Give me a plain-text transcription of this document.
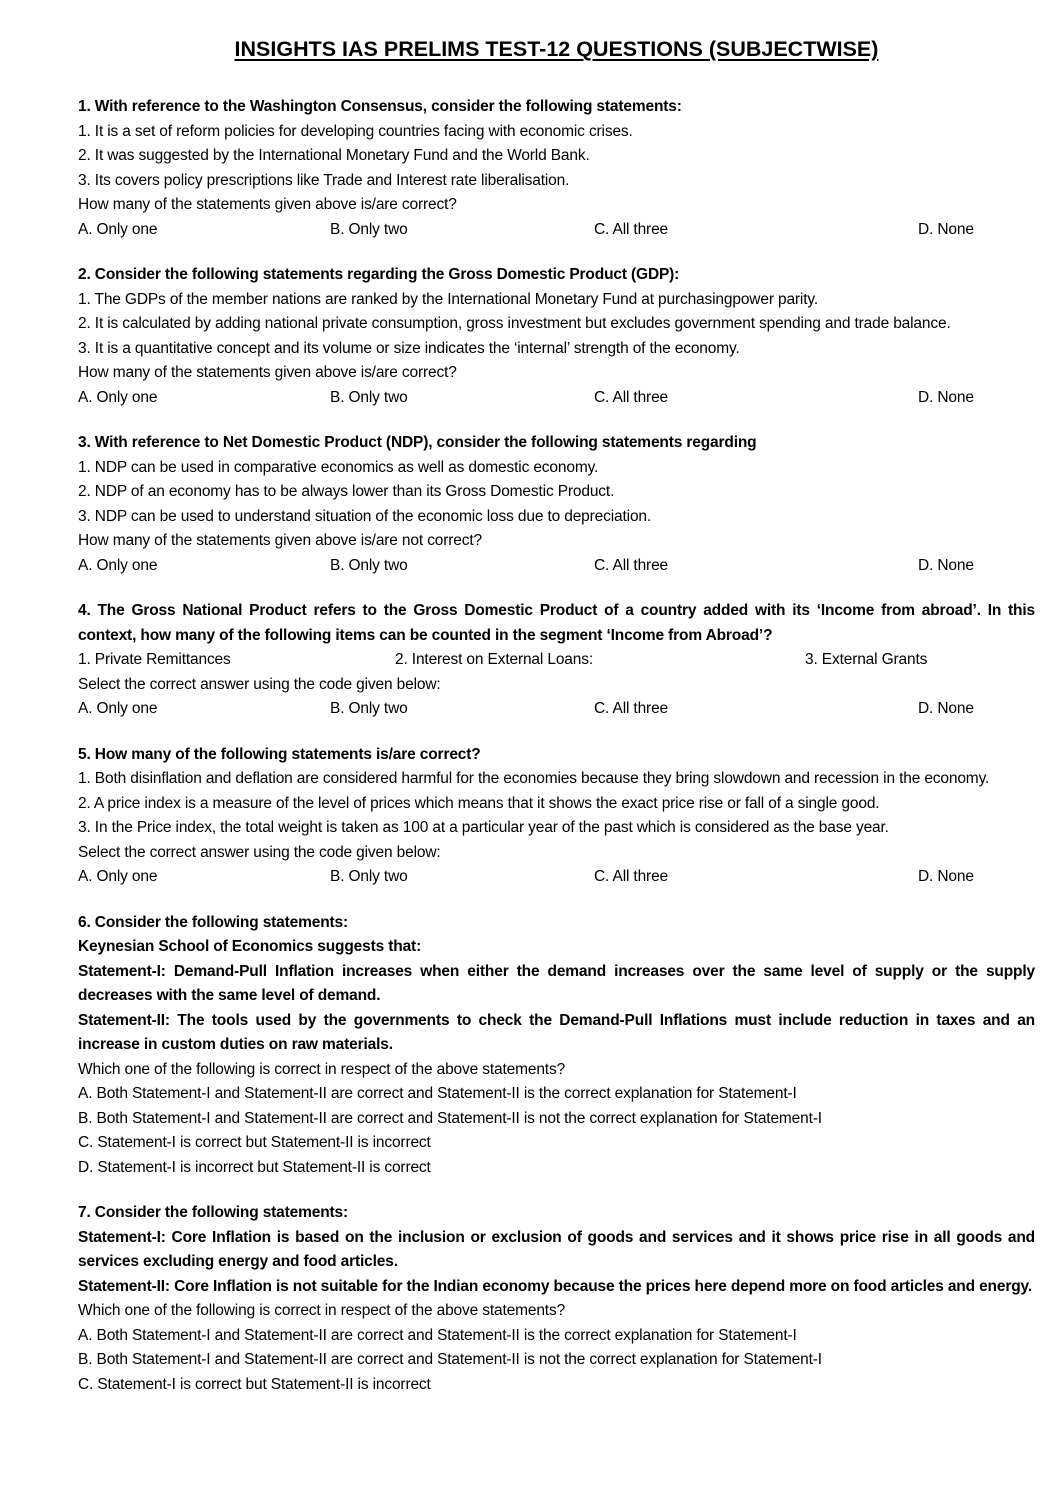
INSIGHTS IAS PRELIMS TEST-12 QUESTIONS (SUBJECTWISE)
1. With reference to the Washington Consensus, consider the following statements:
1. It is a set of reform policies for developing countries facing with economic crises.
2. It was suggested by the International Monetary Fund and the World Bank.
3. Its covers policy prescriptions like Trade and Interest rate liberalisation.
How many of the statements given above is/are correct?
A. Only one	B. Only two	C. All three	D. None
2. Consider the following statements regarding the Gross Domestic Product (GDP):
1. The GDPs of the member nations are ranked by the International Monetary Fund at purchasingpower parity.
2. It is calculated by adding national private consumption, gross investment but excludes government spending and trade balance.
3. It is a quantitative concept and its volume or size indicates the ‘internal’ strength of the economy.
How many of the statements given above is/are correct?
A. Only one	B. Only two	C. All three	D. None
3. With reference to Net Domestic Product (NDP), consider the following statements regarding
1. NDP can be used in comparative economics as well as domestic economy.
2. NDP of an economy has to be always lower than its Gross Domestic Product.
3. NDP can be used to understand situation of the economic loss due to depreciation.
How many of the statements given above is/are not correct?
A. Only one	B. Only two	C. All three	D. None
4. The Gross National Product refers to the Gross Domestic Product of a country added with its ‘Income from abroad’. In this context, how many of the following items can be counted in the segment ‘Income from Abroad’?
1. Private Remittances	2. Interest on External Loans:	3. External Grants
Select the correct answer using the code given below:
A. Only one	B. Only two	C. All three	D. None
5. How many of the following statements is/are correct?
1. Both disinflation and deflation are considered harmful for the economies because they bring slowdown and recession in the economy.
2. A price index is a measure of the level of prices which means that it shows the exact price rise or fall of a single good.
3. In the Price index, the total weight is taken as 100 at a particular year of the past which is considered as the base year.
Select the correct answer using the code given below:
A. Only one	B. Only two	C. All three	D. None
6. Consider the following statements:
Keynesian School of Economics suggests that:
Statement-I: Demand-Pull Inflation increases when either the demand increases over the same level of supply or the supply decreases with the same level of demand.
Statement-II: The tools used by the governments to check the Demand-Pull Inflations must include reduction in taxes and an increase in custom duties on raw materials.
Which one of the following is correct in respect of the above statements?
A. Both Statement-I and Statement-II are correct and Statement-II is the correct explanation for Statement-I
B. Both Statement-I and Statement-II are correct and Statement-II is not the correct explanation for Statement-I
C. Statement-I is correct but Statement-II is incorrect
D. Statement-I is incorrect but Statement-II is correct
7. Consider the following statements:
Statement-I: Core Inflation is based on the inclusion or exclusion of goods and services and it shows price rise in all goods and services excluding energy and food articles.
Statement-II: Core Inflation is not suitable for the Indian economy because the prices here depend more on food articles and energy.
Which one of the following is correct in respect of the above statements?
A. Both Statement-I and Statement-II are correct and Statement-II is the correct explanation for Statement-I
B. Both Statement-I and Statement-II are correct and Statement-II is not the correct explanation for Statement-I
C. Statement-I is correct but Statement-II is incorrect
